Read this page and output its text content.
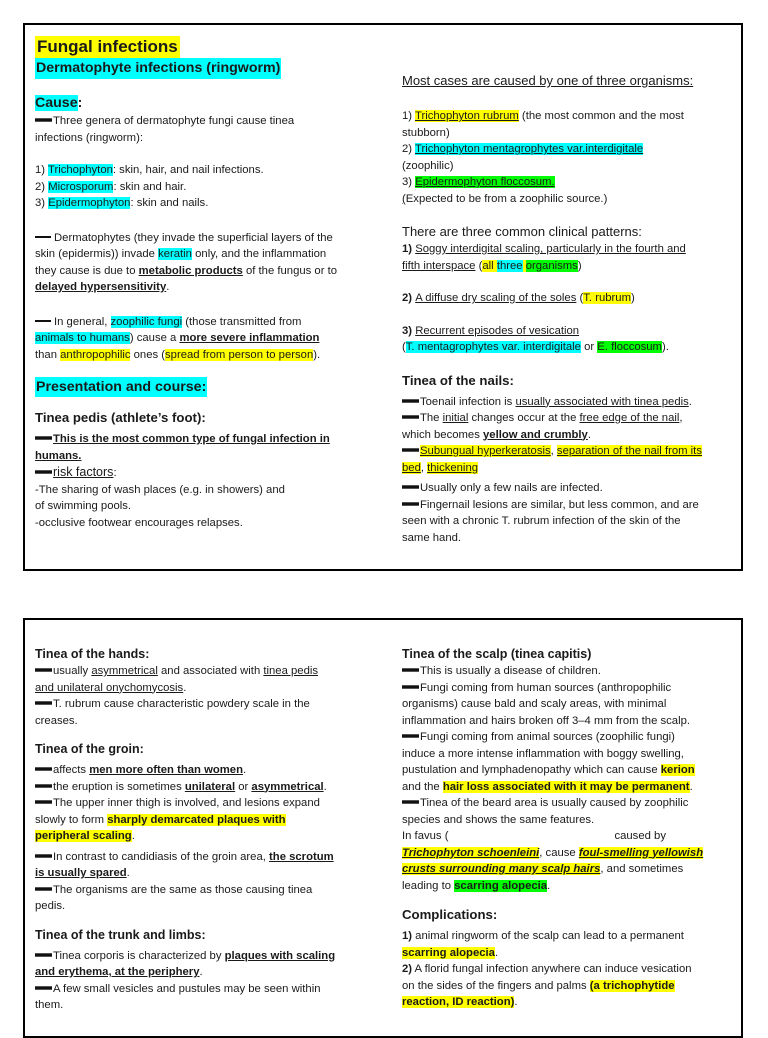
Fungal infections
Dermatophyte infections (ringworm)
Cause:

Three genera of dermatophyte fungi cause tinea
infections (ringworm):

1) Trichophyton: skin, hair, and nail infections.

2) Microsporum: skin and hair.

3) Epidermophyton: skin and nails.

Dermatophytes (they invade the superficial layers of the
skin (epidermis)) invade keratin only, and the inflammation
they cause is due to metabolic products of the fungus or to
delayed hypersensitivity.

In general, zoophilic fungi (those transmitted from
animals to humans) cause a more severe inflammation
than anthropophilic ones (spread from person to person).

Presentation and course:
Tinea pedis (athlete’s foot):

This is the most common type of fungal infection in
humans.

risk factors:

-The sharing of wash places (e.g. in showers) and
of swimming pools.

-occlusive footwear encourages relapses.

Most cases are caused by one of three organisms:

1) Trichophyton rubrum (the most common and the most
stubborn)

2) Trichophyton mentagrophytes var.interdigitale
(zoophilic)

3) Epidermophyton floccosum.
(Expected to be from a zoophilic source.)

There are three common clinical patterns:

1) Soggy interdigital scaling, particularly in the fourth and
fifth interspace (all three organisms)

2) A diffuse dry scaling of the soles (T. rubrum)

3) Recurrent episodes of vesication
(T. mentagrophytes var. interdigitale or E. floccosum).

Tinea of the nails:

Toenail infection is usually associated with tinea pedis.

The initial changes occur at the free edge of the nail,
which becomes yellow and crumbly.

Subungual hyperkeratosis, separation of the nail from its
bed, thickening

Usually only a few nails are infected.

Fingernail lesions are similar, but less common, and are
seen with a chronic T. rubrum infection of the skin of the
same hand.

Tinea of the hands:

usually asymmetrical and associated with tinea pedis
and unilateral onychomycosis.

T. rubrum cause characteristic powdery scale in the
creases.

Tinea of the groin:

affects men more often than women.

the eruption is sometimes unilateral or asymmetrical.

The upper inner thigh is involved, and lesions expand
slowly to form sharply demarcated plaques with
peripheral scaling.

In contrast to candidiasis of the groin area, the scrotum
is usually spared.

The organisms are the same as those causing tinea
pedis.

Tinea of the trunk and limbs:

Tinea corporis is characterized by plaques with scaling
and erythema, at the periphery.

A few small vesicles and pustules may be seen within
them.

Tinea of the scalp (tinea capitis)

This is usually a disease of children.

Fungi coming from human sources (anthropophilic
organisms) cause bald and scaly areas, with minimal
inflammation and hairs broken off 3–4 mm from the scalp.

Fungi coming from animal sources (zoophilic fungi)
induce a more intense inflammation with boggy swelling,
pustulation and lymphadenopathy which can cause kerion
and the hair loss associated with it may be permanent.

Tinea of the beard area is usually caused by zoophilic
species and shows the same features.

In favus (	caused by
Trichophyton schoenleini, cause foul-smelling yellowish
crusts surrounding many scalp hairs, and sometimes
leading to scarring alopecia.

Complications:

1) animal ringworm of the scalp can lead to a permanent
scarring alopecia.

2) A florid fungal infection anywhere can induce vesication
on the sides of the fingers and palms (a trichophytide
reaction, ID reaction).
